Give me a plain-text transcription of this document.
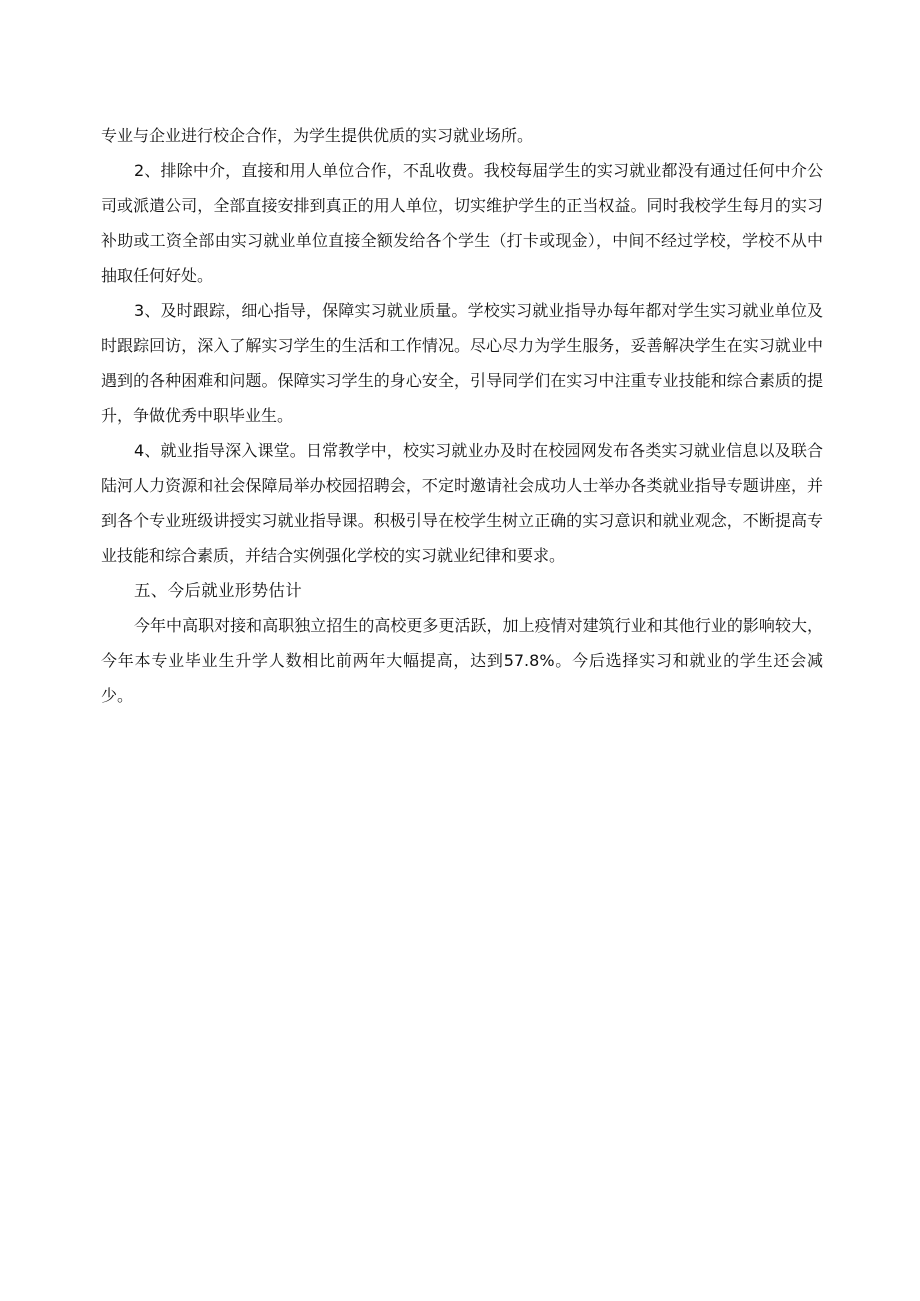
专业与企业进行校企合作，为学生提供优质的实习就业场所。

2、排除中介，直接和用人单位合作，不乱收费。我校每届学生的实习就业都没有通过任何中介公司或派遣公司，全部直接安排到真正的用人单位，切实维护学生的正当权益。同时我校学生每月的实习补助或工资全部由实习就业单位直接全额发给各个学生（打卡或现金），中间不经过学校，学校不从中抽取任何好处。

3、及时跟踪，细心指导，保障实习就业质量。学校实习就业指导办每年都对学生实习就业单位及时跟踪回访，深入了解实习学生的生活和工作情况。尽心尽力为学生服务，妥善解决学生在实习就业中遇到的各种困难和问题。保障实习学生的身心安全，引导同学们在实习中注重专业技能和综合素质的提升，争做优秀中职毕业生。

4、就业指导深入课堂。日常教学中，校实习就业办及时在校园网发布各类实习就业信息以及联合陆河人力资源和社会保障局举办校园招聘会，不定时邀请社会成功人士举办各类就业指导专题讲座，并到各个专业班级讲授实习就业指导课。积极引导在校学生树立正确的实习意识和就业观念，不断提高专业技能和综合素质，并结合实例强化学校的实习就业纪律和要求。

五、今后就业形势估计

今年中高职对接和高职独立招生的高校更多更活跃，加上疫情对建筑行业和其他行业的影响较大，今年本专业毕业生升学人数相比前两年大幅提高，达到57.8%。今后选择实习和就业的学生还会减少。
